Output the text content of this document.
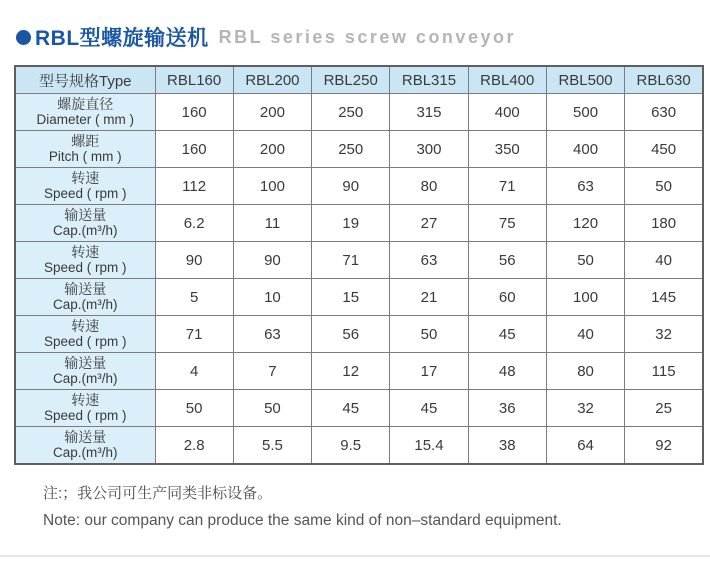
RBL型螺旋输送机 RBL series screw conveyor
型号规格Type	RBL160	RBL200	RBL250	RBL315	RBL400	RBL500	RBL630

螺旋直径
Diameter ( mm )	160	200	250	315	400	500	630

螺距
Pitch ( mm )	160	200	250	300	350	400	450

转速
Speed ( rpm )	112	100	90	80	71	63	50

输送量
Cap.(m³/h)	6.2	11	19	27	75	120	180

转速
Speed ( rpm )	90	90	71	63	56	50	40

输送量
Cap.(m³/h)	5	10	15	21	60	100	145

转速
Speed ( rpm )	71	63	56	50	45	40	32

输送量
Cap.(m³/h)	4	7	12	17	48	80	115

转速
Speed ( rpm )	50	50	45	45	36	32	25

输送量
Cap.(m³/h)	2.8	5.5	9.5	15.4	38	64	92

注:；我公司可生产同类非标设备。

Note: our company can produce the same kind of non–standard equipment.
